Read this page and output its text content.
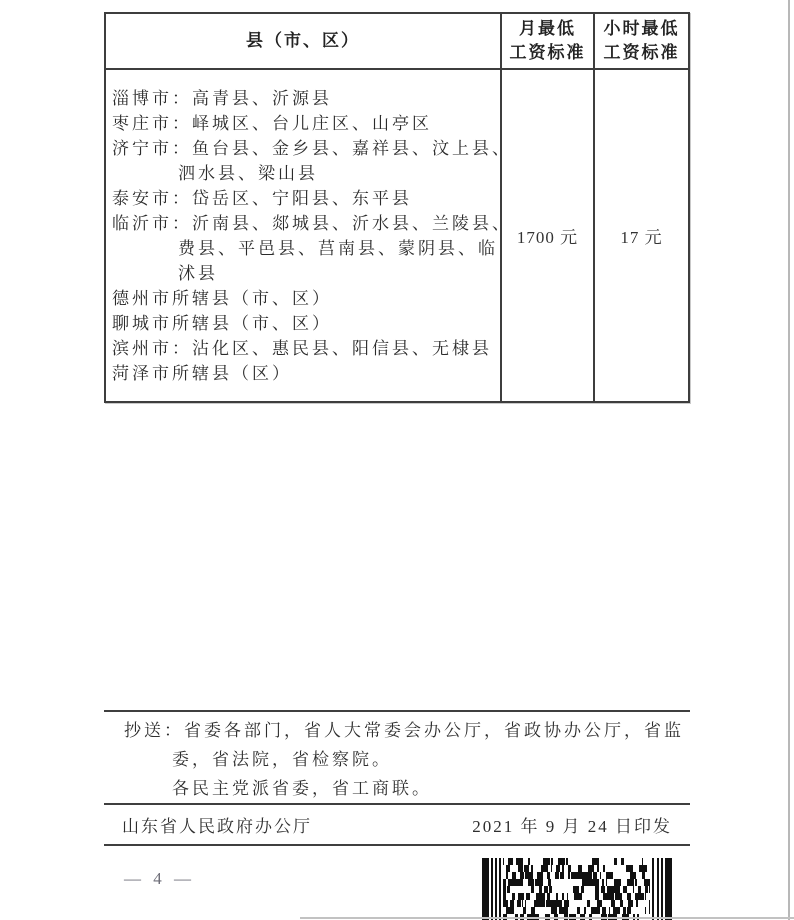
县（市、区）
月最低
工资标准
小时最低
工资标准
淄博市：高青县、沂源县
枣庄市：峄城区、台儿庄区、山亭区
济宁市：鱼台县、金乡县、嘉祥县、汶上县、
泗水县、梁山县
泰安市：岱岳区、宁阳县、东平县
临沂市：沂南县、郯城县、沂水县、兰陵县、
费县、平邑县、莒南县、蒙阴县、临
沭县
德州市所辖县（市、区）
聊城市所辖县（市、区）
滨州市：沾化区、惠民县、阳信县、无棣县
菏泽市所辖县（区）
1700 元	17 元
抄送：省委各部门，省人大常委会办公厅，省政协办公厅，省监
委，省法院，省检察院。
各民主党派省委，省工商联。
山东省人民政府办公厅	2021 年 9 月 24 日印发
— 4 —
